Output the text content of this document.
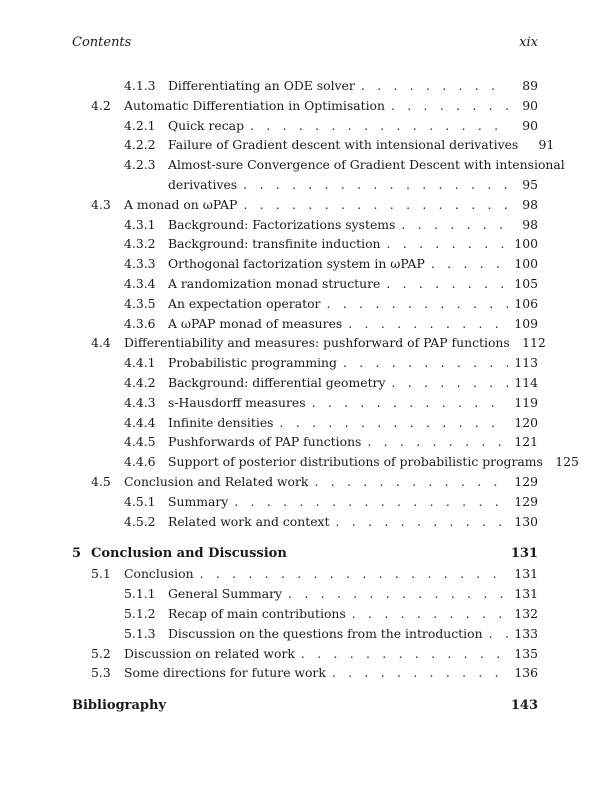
Contents	xix
4.1.3	Differentiating an ODE solver . . .	89
4.2	Automatic Differentiation in Optimisation . . .	90
4.2.1	Quick recap . . .	90
4.2.2	Failure of Gradient descent with intensional derivatives	91
4.2.3	Almost-sure Convergence of Gradient Descent with intensional
derivatives . . .	95
4.3	A monad on ωPAP . . .	98
4.3.1	Background: Factorizations systems . . .	98
4.3.2	Background: transfinite induction . . .	100
4.3.3	Orthogonal factorization system in ωPAP . . .	100
4.3.4	A randomization monad structure . . .	105
4.3.5	An expectation operator . . .	106
4.3.6	A ωPAP monad of measures . . .	109
4.4	Differentiability and measures: pushforward of PAP functions 112
4.4.1	Probabilistic programming . . .	113
4.4.2	Background: differential geometry . . .	114
4.4.3	s-Hausdorff measures . . .	119
4.4.4	Infinite densities . . .	120
4.4.5	Pushforwards of PAP functions . . .	121
4.4.6	Support of posterior distributions of probabilistic programs 125
4.5	Conclusion and Related work . . .	129
4.5.1	Summary . . .	129
4.5.2	Related work and context . . .	130
5 Conclusion and Discussion	131
5.1	Conclusion . . .	131
5.1.1	General Summary . . .	131
5.1.2	Recap of main contributions . . .	132
5.1.3	Discussion on the questions from the introduction . . .	133
5.2	Discussion on related work . . .	135
5.3	Some directions for future work . . .	136
Bibliography	143
